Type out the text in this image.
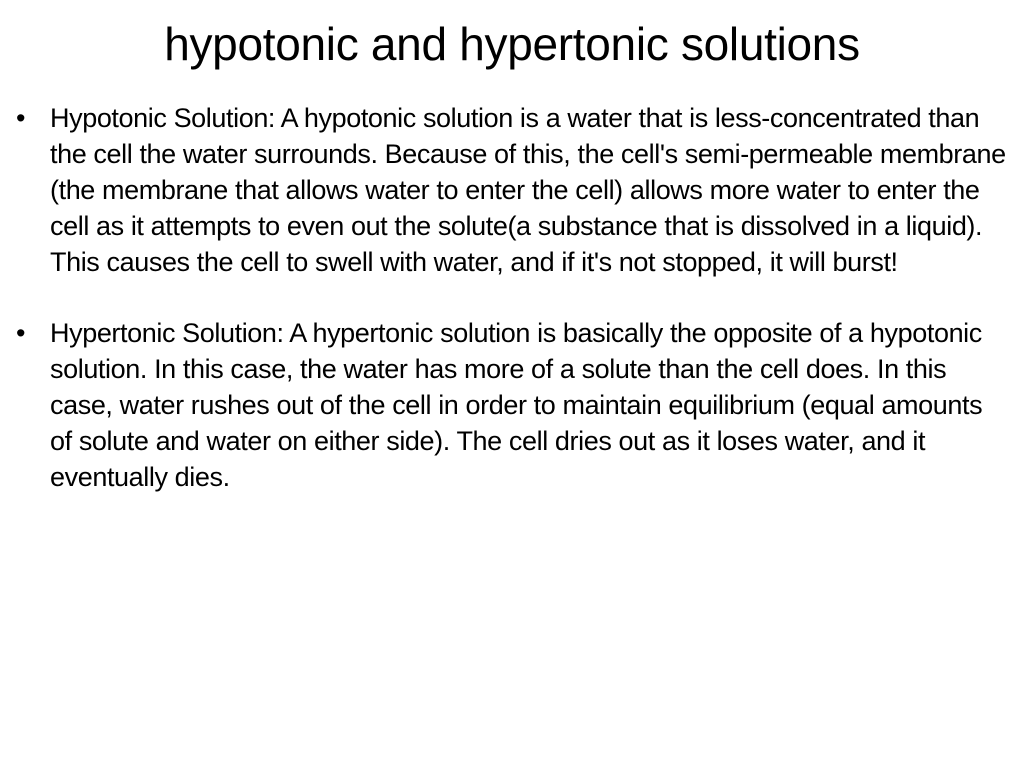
hypotonic and hypertonic solutions
• Hypotonic Solution: A hypotonic solution is a water that is less-concentrated than the cell the water surrounds. Because of this, the cell's semi-permeable membrane (the membrane that allows water to enter the cell) allows more water to enter the cell as it attempts to even out the solute(a substance that is dissolved in a liquid). This causes the cell to swell with water, and if it's not stopped, it will burst!
• Hypertonic Solution: A hypertonic solution is basically the opposite of a hypotonic solution. In this case, the water has more of a solute than the cell does. In this case, water rushes out of the cell in order to maintain equilibrium (equal amounts of solute and water on either side). The cell dries out as it loses water, and it eventually dies.
